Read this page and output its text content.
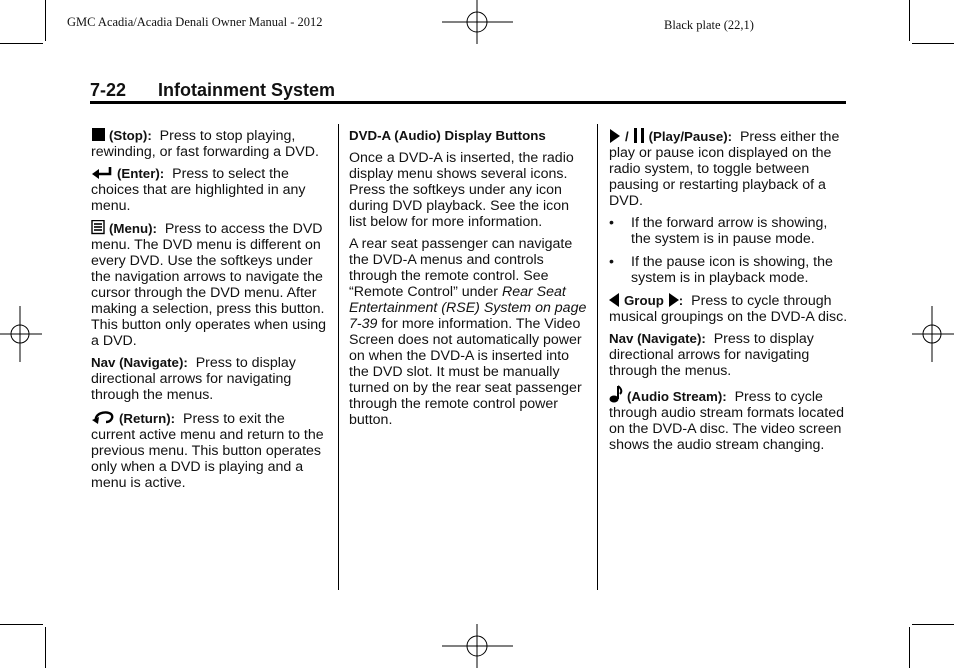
GMC Acadia/Acadia Denali Owner Manual - 2012	Black plate (22,1)
7-22 Infotainment System

(Stop): Press to stop playing, rewinding, or fast forwarding a DVD.

(Enter): Press to select the choices that are highlighted in any menu.

(Menu): Press to access the DVD menu. The DVD menu is different on every DVD. Use the softkeys under the navigation arrows to navigate the cursor through the DVD menu. After making a selection, press this button. This button only operates when using a DVD.

Nav (Navigate): Press to display directional arrows for navigating through the menus.

(Return): Press to exit the current active menu and return to the previous menu. This button operates only when a DVD is playing and a menu is active.

DVD-A (Audio) Display Buttons

Once a DVD-A is inserted, the radio display menu shows several icons. Press the softkeys under any icon during DVD playback. See the icon list below for more information.

A rear seat passenger can navigate the DVD-A menus and controls through the remote control. See “Remote Control” under Rear Seat Entertainment (RSE) System on page 7-39 for more information. The Video Screen does not automatically power on when the DVD-A is inserted into the DVD slot. It must be manually turned on by the rear seat passenger through the remote control power button.

/ (Play/Pause): Press either the play or pause icon displayed on the radio system, to toggle between pausing or restarting playback of a DVD.

• If the forward arrow is showing, the system is in pause mode.
• If the pause icon is showing, the system is in playback mode.

Group : Press to cycle through musical groupings on the DVD-A disc.

Nav (Navigate): Press to display directional arrows for navigating through the menus.

(Audio Stream): Press to cycle through audio stream formats located on the DVD-A disc. The video screen shows the audio stream changing.
